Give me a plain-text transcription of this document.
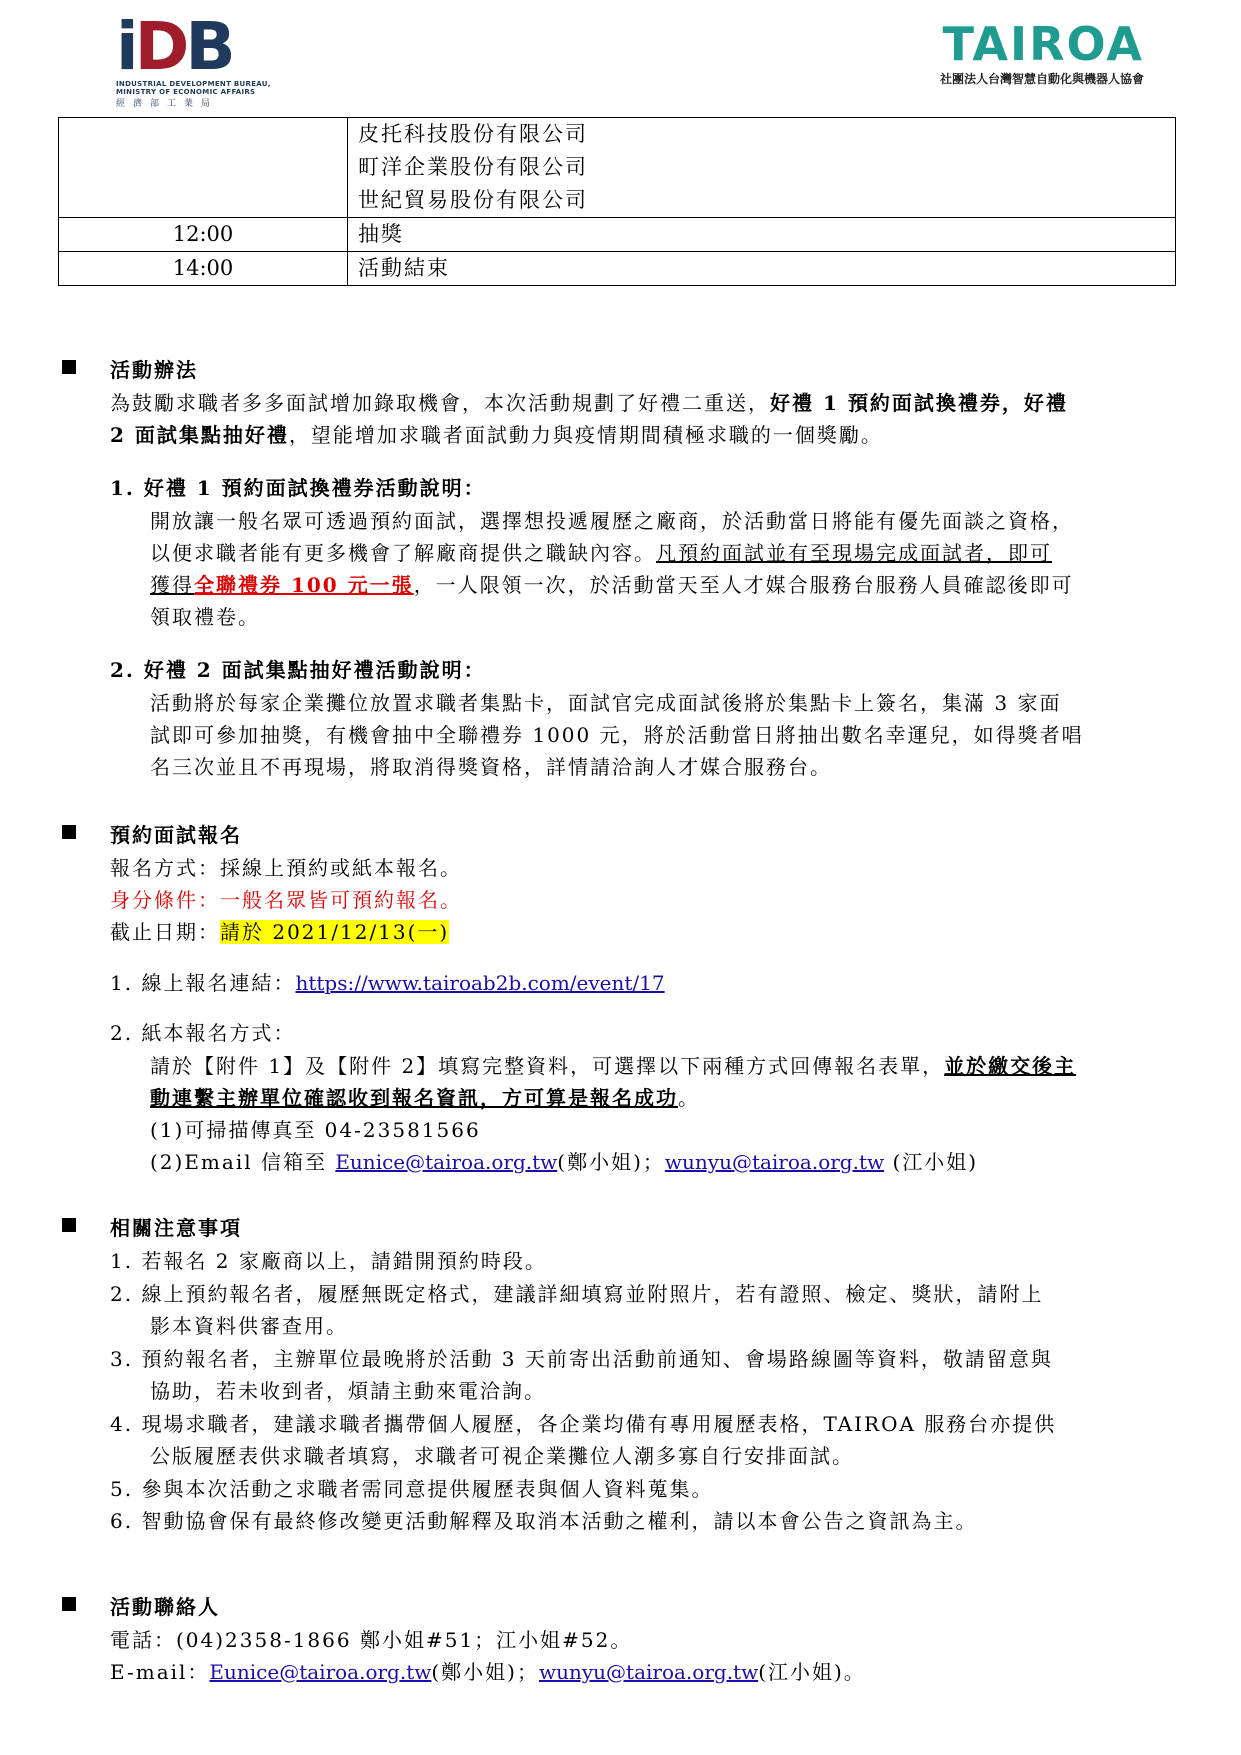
iDB
INDUSTRIAL DEVELOPMENT BUREAU,
MINISTRY OF ECONOMIC AFFAIRS
經濟部工業局
TAIROA
社團法人台灣智慧自動化與機器人協會

	皮托科技股份有限公司
町洋企業股份有限公司
世紀貿易股份有限公司

12:00	抽獎
14:00	活動結束
活動辦法
為鼓勵求職者多多面試增加錄取機會，本次活動規劃了好禮二重送，好禮 1 預約面試換禮券，好禮
2 面試集點抽好禮，望能增加求職者面試動力與疫情期間積極求職的一個獎勵。
1. 好禮 1 預約面試換禮券活動說明：
開放讓一般名眾可透過預約面試，選擇想投遞履歷之廠商，於活動當日將能有優先面談之資格，
以便求職者能有更多機會了解廠商提供之職缺內容。凡預約面試並有至現場完成面試者，即可
獲得全聯禮券 100 元一張，一人限領一次，於活動當天至人才媒合服務台服務人員確認後即可
領取禮卷。
2. 好禮 2 面試集點抽好禮活動說明：
活動將於每家企業攤位放置求職者集點卡，面試官完成面試後將於集點卡上簽名，集滿 3 家面
試即可參加抽獎，有機會抽中全聯禮券 1000 元，將於活動當日將抽出數名幸運兒，如得獎者唱
名三次並且不再現場，將取消得獎資格，詳情請洽詢人才媒合服務台。
預約面試報名
報名方式：採線上預約或紙本報名。
身分條件：一般名眾皆可預約報名。
截止日期：請於 2021/12/13(一)
1. 線上報名連結：https://www.tairoab2b.com/event/17
2. 紙本報名方式：
請於【附件 1】及【附件 2】填寫完整資料，可選擇以下兩種方式回傳報名表單，並於繳交後主
動連繫主辦單位確認收到報名資訊，方可算是報名成功。
(1)可掃描傳真至 04-23581566
(2)Email 信箱至 Eunice@tairoa.org.tw(鄭小姐)；wunyu@tairoa.org.tw (江小姐)
相關注意事項
1. 若報名 2 家廠商以上，請錯開預約時段。
2. 線上預約報名者，履歷無既定格式，建議詳細填寫並附照片，若有證照、檢定、獎狀，請附上
影本資料供審查用。
3. 預約報名者，主辦單位最晚將於活動 3 天前寄出活動前通知、會場路線圖等資料，敬請留意與
協助，若未收到者，煩請主動來電洽詢。
4. 現場求職者，建議求職者攜帶個人履歷，各企業均備有專用履歷表格，TAIROA 服務台亦提供
公版履歷表供求職者填寫，求職者可視企業攤位人潮多寡自行安排面試。
5. 參與本次活動之求職者需同意提供履歷表與個人資料蒐集。
6. 智動協會保有最終修改變更活動解釋及取消本活動之權利，請以本會公告之資訊為主。
活動聯絡人
電話：(04)2358-1866 鄭小姐#51；江小姐#52。
E-mail：Eunice@tairoa.org.tw(鄭小姐)；wunyu@tairoa.org.tw(江小姐)。
